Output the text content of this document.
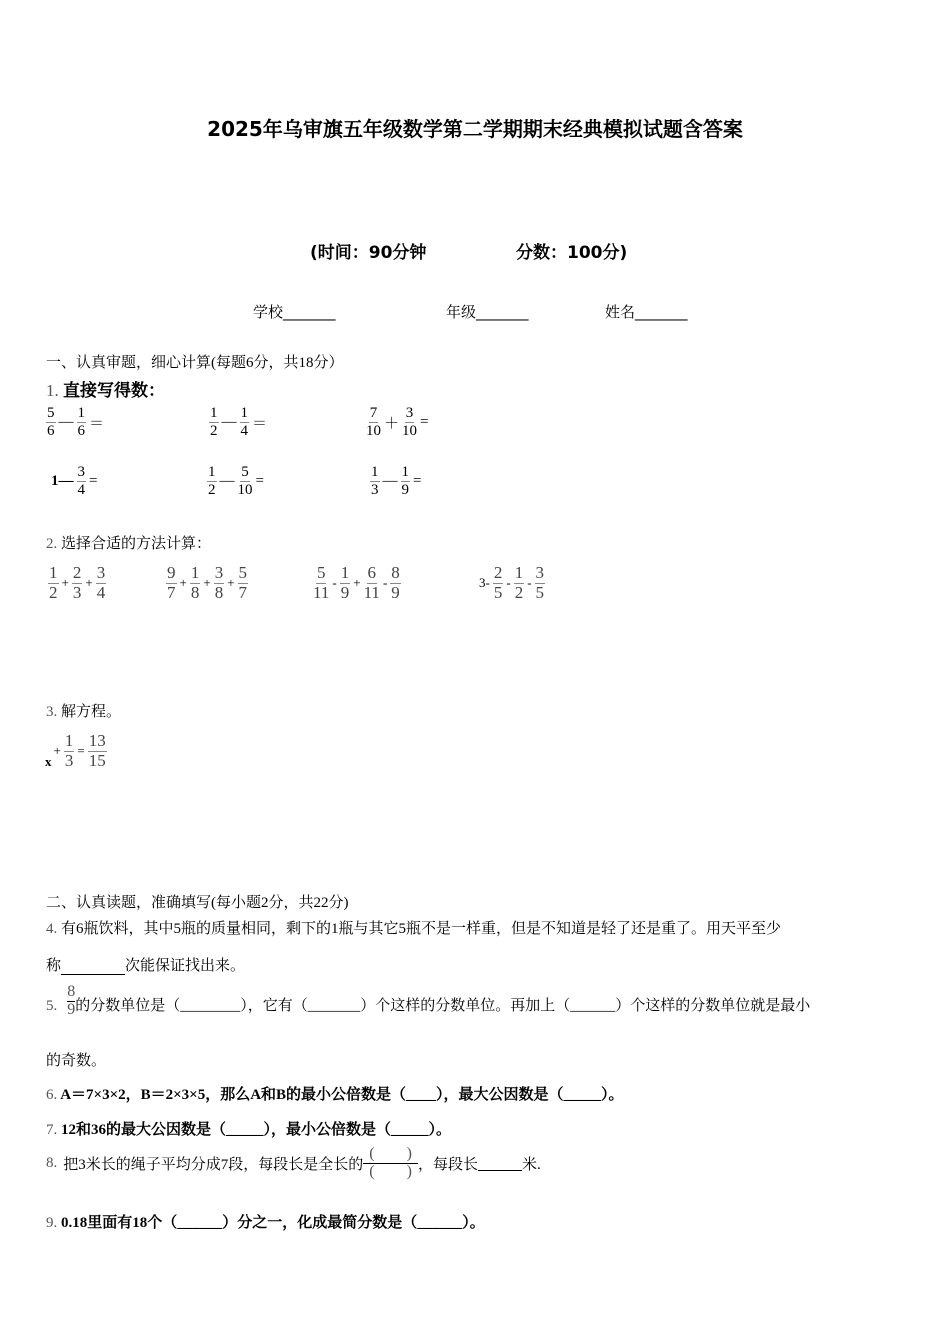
2025年乌审旗五年级数学第二学期期末经典模拟试题含答案
(时间：90分钟	分数：100分)
学校_______	年级_______	姓名_______
一、认真审题，细心计算(每题6分，共18分）
1. 直接写得数：
$\frac{5}{6}$ — $\frac{1}{6}$ ＝	$\frac{1}{2}$ — $\frac{1}{4}$ ＝	$\frac{7}{10} + \frac{3}{10}$ =
1— $\frac{3}{4}$ =	$\frac{1}{2}$ — $\frac{5}{10}$ =	$\frac{1}{3}$ — $\frac{1}{9}$ =
2. 选择合适的方法计算：
$\frac{1}{2} + \frac{2}{3} + \frac{3}{4}$	$\frac{9}{7} + \frac{1}{8} + \frac{3}{8} + \frac{5}{7}$	$\frac{5}{11} - \frac{1}{9} + \frac{6}{11} - \frac{8}{9}$	$3- \frac{2}{5} - \frac{1}{2} - \frac{3}{5}$
3. 解方程。
x
+ $\frac{1}{3} = \frac{13}{15}$
二、认真读题，准确填写(每小题2分，共22分)
4. 有6瓶饮料，其中5瓶的质量相同，剩下的1瓶与其它5瓶不是一样重，但是不知道是轻了还是重了。用天平至少
称	次能保证找出来。
5. $\frac{8}{9}$ 的分数单位是（________），它有（_______）个这样的分数单位。再加上（______）个这样的分数单位就是最小
的奇数。
6. A＝7×3×2，B＝2×3×5，那么A和B的最小公倍数是（____），最大公因数是（_____）。
7. 12和36的最大公因数是（_____），最小公倍数是（_____）。
8. 把3米长的绳子平均分成7段，每段长是全长的
(　　)
(　　) ，每段长	米.
9. 0.18里面有18个（______）分之一，化成最简分数是（______）。
